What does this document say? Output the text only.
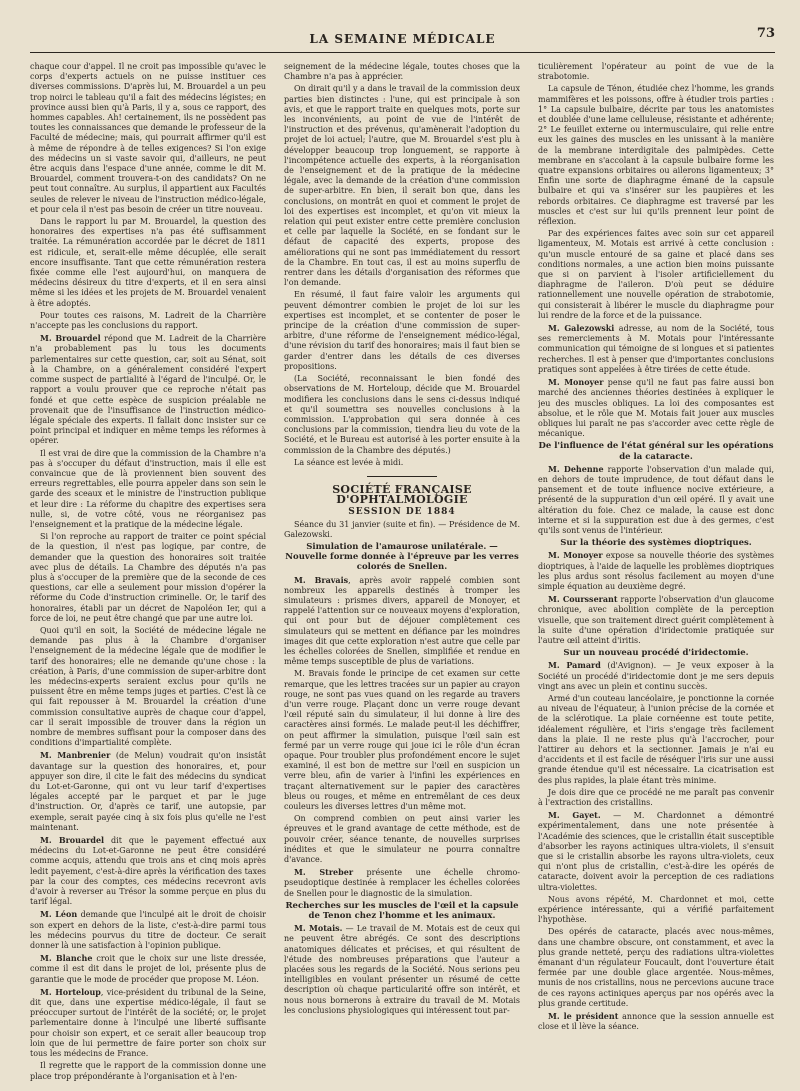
LA SEMAINE MÉDICALE	73

chaque cour d'appel. Il ne croit pas impossible qu'avec le corps d'experts actuels on ne puisse instituer ces diverses commissions. D'après lui, M. Brouardel a un peu trop noirci le tableau qu'il a fait des médecins légistes; en province aussi bien qu'à Paris, il y a, sous ce rapport, des hommes capables. Ah! certainement, ils ne possèdent pas toutes les connaissances que demande le professeur de la Faculté de médecine; mais, qui pourrait affirmer qu'il est à même de répondre à de telles exigences? Si l'on exige des médecins un si vaste savoir qui, d'ailleurs, ne peut être acquis dans l'espace d'une année, comme le dit M. Brouardel, comment trouvera-t-on des candidats? On ne peut tout connaître. Au surplus, il appartient aux Facultés seules de relever le niveau de l'instruction médico-légale, et pour cela il n'est pas besoin de créer un titre nouveau.

Dans le rapport lu par M. Brouardel, la question des honoraires des expertises n'a pas été suffisamment traitée. La rémunération accordée par le décret de 1811 est ridicule, et, serait-elle même décuplée, elle serait encore insuffisante. Tant que cette rémunération restera fixée comme elle l'est aujourd'hui, on manquera de médecins désireux du titre d'experts, et il en sera ainsi même si les idées et les projets de M. Brouardel venaient à être adoptés.

Pour toutes ces raisons, M. Ladreit de la Charrière n'accepte pas les conclusions du rapport.

M. Brouardel répond que M. Ladreit de la Charrière n'a probablement pas lu tous les documents parlementaires sur cette question, car, soit au Sénat, soit à la Chambre, on a généralement considéré l'expert comme suspect de partialité à l'égard de l'inculpé. Or, le rapport a voulu prouver que ce reproche n'était pas fondé et que cette espèce de suspicion préalable ne provenait que de l'insuffisance de l'instruction médico-légale spéciale des experts. Il fallait donc insister sur ce point principal et indiquer en même temps les réformes à opérer.

Il est vrai de dire que la commission de la Chambre n'a pas à s'occuper du défaut d'instruction, mais il elle est convaincue que de là proviennent bien souvent des erreurs regrettables, elle pourra appeler dans son sein le garde des sceaux et le ministre de l'instruction publique et leur dire : La réforme du chapitre des expertises sera nulle, si, de votre côté, vous ne réorganisez pas l'enseignement et la pratique de la médecine légale.

Si l'on reproche au rapport de traiter ce point spécial de la question, il n'est pas logique, par contre, de demander que la question des honoraires soit traitée avec plus de détails. La Chambre des députés n'a pas plus à s'occuper de la première que de la seconde de ces questions, car elle a seulement pour mission d'opérer la réforme du Code d'instruction criminelle. Or, le tarif des honoraires, établi par un décret de Napoléon Ier, qui a force de loi, ne peut être changé que par une autre loi.

Quoi qu'il en soit, la Société de médecine légale ne demande pas plus à la Chambre d'organiser l'enseignement de la médecine légale que de modifier le tarif des honoraires; elle ne demande qu'une chose : la création, à Paris, d'une commission de super-arbitre dont les médecins-experts seraient exclus pour qu'ils ne puissent être en même temps juges et parties. C'est là ce qui fait repousser à M. Brouardel la création d'une commission consultative auprès de chaque cour d'appel, car il serait impossible de trouver dans la région un nombre de membres suffisant pour la composer dans des conditions d'impartialité complète.

M. Manbrenier (de Melun) voudrait qu'on insistât davantage sur la question des honoraires, et, pour appuyer son dire, il cite le fait des médecins du syndicat du Lot-et-Garonne, qui ont vu leur tarif d'expertises légales accepté par le parquet et par le juge d'instruction. Or, d'après ce tarif, une autopsie, par exemple, serait payée cinq à six fois plus qu'elle ne l'est maintenant.

M. Brouardel dit que le payement effectué aux médecins du Lot-et-Garonne ne peut être considéré comme acquis, attendu que trois ans et cinq mois après ledit payement, c'est-à-dire après la vérification des taxes par la cour des comptes, ces médecins recevront avis d'avoir à reverser au Trésor la somme perçue en plus du tarif légal.

M. Léon demande que l'inculpé ait le droit de choisir son expert en dehors de la liste, c'est-à-dire parmi tous les médecins pourvus du titre de docteur. Ce serait donner là une satisfaction à l'opinion publique.

M. Blanche croit que le choix sur une liste dressée, comme il est dit dans le projet de loi, présente plus de garantie que le mode de procéder que propose M. Léon.

M. Horteloup, vice-président du tribunal de la Seine, dit que, dans une expertise médico-légale, il faut se préoccuper surtout de l'intérêt de la société; or, le projet parlementaire donne à l'inculpé une liberté suffisante pour choisir son expert, et ce serait aller beaucoup trop loin que de lui permettre de faire porter son choix sur tous les médecins de France.

Il regrette que le rapport de la commission donne une place trop prépondérante à l'organisation et à l'en-

seignement de la médecine légale, toutes choses que la Chambre n'a pas à apprécier.

On dirait qu'il y a dans le travail de la commission deux parties bien distinctes : l'une, qui est principale à son avis, et que le rapport traite en quelques mots, porte sur les inconvénients, au point de vue de l'intérêt de l'instruction et des prévenus, qu'amènerait l'adoption du projet de loi actuel; l'autre, que M. Brouardel s'est plu à développer beaucoup trop longuement, se rapporte à l'incompétence actuelle des experts, à la réorganisation de l'enseignement et de la pratique de la médecine légale, avec la demande de la création d'une commission de super-arbitre. En bien, il serait bon que, dans les conclusions, on montrât en quoi et comment le projet de loi des expertises est incomplet, et qu'on vit mieux la relation qui peut exister entre cette première conclusion et celle par laquelle la Société, en se fondant sur le défaut de capacité des experts, propose des améliorations qui ne sont pas immédiatement du ressort de la Chambre. En tout cas, il est au moins superflu de rentrer dans les détails d'organisation des réformes que l'on demande.

En résumé, il faut faire valoir les arguments qui peuvent démontrer combien le projet de loi sur les expertises est incomplet, et se contenter de poser le principe de la création d'une commission de super-arbitre, d'une réforme de l'enseignement médico-légal, d'une révision du tarif des honoraires; mais il faut bien se garder d'entrer dans les détails de ces diverses propositions.

(La Société, reconnaissant le bien fondé des observations de M. Horteloup, décide que M. Brouardel modifiera les conclusions dans le sens ci-dessus indiqué et qu'il soumettra ses nouvelles conclusions à la commission. L'approbation qui sera donnée à ces conclusions par la commission, tiendra lieu du vote de la Société, et le Bureau est autorisé à les porter ensuite à la commission de la Chambre des députés.)

La séance est levée à midi.

SOCIÉTÉ FRANÇAISE D'OPHTALMOLOGIE

SESSION DE 1884

Séance du 31 janvier (suite et fin). — Présidence de M. Galezowski.

Simulation de l'amaurose unilatérale. — Nouvelle forme donnée à l'épreuve par les verres colorés de Snellen.

M. Bravais, après avoir rappelé combien sont nombreux les appareils destinés à tromper les simulateurs : prismes divers, appareil de Monoyer, et rappelé l'attention sur ce nouveaux moyens d'exploration, qui ont pour but de déjouer complètement ces simulateurs qui se mettent en défiance par les moindres images dit que cette exploration n'est autre que celle par les échelles colorées de Snellen, simplifiée et rendue en même temps susceptible de plus de variations.

M. Bravais fonde le principe de cet examen sur cette remarque, que les lettres tracées sur un papier au crayon rouge, ne sont pas vues quand on les regarde au travers d'un verre rouge. Plaçant donc un verre rouge devant l'œil réputé sain du simulateur, il lui donne à lire des caractères ainsi formés. Le malade peut-il les déchiffrer, on peut affirmer la simulation, puisque l'œil sain est fermé par un verre rouge qui joue ici le rôle d'un écran opaque. Pour troubler plus profondément encore le sujet examiné, il est bon de mettre sur l'œil en suspicion un verre bleu, afin de varier à l'infini les expériences en traçant alternativement sur le papier des caractères bleus ou rouges, et même en entremêlant de ces deux couleurs les diverses lettres d'un même mot.

On comprend combien on peut ainsi varier les épreuves et le grand avantage de cette méthode, est de pouvoir créer, séance tenante, de nouvelles surprises inédites et que le simulateur ne pourra connaître d'avance.

M. Streber présente une échelle chromo-pseudoptique destinée à remplacer les échelles colorées de Snellen pour le diagnostic de la simulation.

Recherches sur les muscles de l'œil et la capsule de Tenon chez l'homme et les animaux.

M. Motais. — Le travail de M. Motais est de ceux qui ne peuvent être abrégés. Ce sont des descriptions anatomiques délicates et précises, et qui résultent de l'étude des nombreuses préparations que l'auteur a placées sous les regards de la Société. Nous serions peu intelligibles en voulant présenter un résumé de cette description où chaque particularité offre son intérêt, et nous nous bornerons à extraire du travail de M. Motais les conclusions physiologiques qui intéressent tout par-

ticulièrement l'opérateur au point de vue de la strabotomie.

La capsule de Ténon, étudiée chez l'homme, les grands mammifères et les poissons, offre à étudier trois parties : 1° La capsule bulbaire, décrite par tous les anatomistes et doublée d'une lame celluleuse, résistante et adhérente; 2° Le feuillet externe ou intermusculaire, qui relie entre eux les gaines des muscles en les unissant à la manière de la membrane interdigitale des palmipèdes. Cette membrane en s'accolant à la capsule bulbaire forme les quatre expansions orbitaires ou ailerons ligamenteux; 3° Enfin une sorte de diaphragme émané de la capsule bulbaire et qui va s'insérer sur les paupières et les rebords orbitaires. Ce diaphragme est traversé par les muscles et c'est sur lui qu'ils prennent leur point de réflexion.

Par des expériences faites avec soin sur cet appareil ligamenteux, M. Motais est arrivé à cette conclusion : qu'un muscle entouré de sa gaine et placé dans ses conditions normales, a une action bien moins puissante que si on parvient à l'isoler artificiellement du diaphragme de l'aileron. D'où peut se déduire rationnellement une nouvelle opération de strabotomie, qui consisterait à libérer le muscle du diaphragme pour lui rendre de la force et de la puissance.

M. Galezowski adresse, au nom de la Société, tous ses remerciements à M. Motais pour l'intéressante communication qui témoigne de si longues et si patientes recherches. Il est à penser que d'importantes conclusions pratiques sont appelées à être tirées de cette étude.

M. Monoyer pense qu'il ne faut pas faire aussi bon marché des anciennes théories destinées à expliquer le jeu des muscles obliques. La loi des composantes est absolue, et le rôle que M. Motais fait jouer aux muscles obliques lui paraît ne pas s'accorder avec cette règle de mécanique.

De l'influence de l'état général sur les opérations de la cataracte.

M. Dehenne rapporte l'observation d'un malade qui, en dehors de toute imprudence, de tout défaut dans le pansement et de toute influence nocive extérieure, a présenté de la suppuration d'un œil opéré. Il y avait une altération du foie. Chez ce malade, la cause est donc interne et si la suppuration est due à des germes, c'est qu'ils sont venus de l'intérieur.

Sur la théorie des systèmes dioptriques.

M. Monoyer expose sa nouvelle théorie des systèmes dioptriques, à l'aide de laquelle les problèmes dioptriques les plus ardus sont résolus facilement au moyen d'une simple équation au deuxième degré.

M. Coursserant rapporte l'observation d'un glaucome chronique, avec abolition complète de la perception visuelle, que son traitement direct guérit complètement à la suite d'une opération d'iridectomie pratiquée sur l'autre œil atteint d'iritis.

Sur un nouveau procédé d'iridectomie.

M. Pamard (d'Avignon). — Je veux exposer à la Société un procédé d'iridectomie dont je me sers depuis vingt ans avec un plein et continu succès.

Armé d'un couteau lancéolaire, je ponctionne la cornée au niveau de l'équateur, à l'union précise de la cornée et de la sclérotique. La plaie cornéenne est toute petite, idéalement régulière, et l'iris s'engage très facilement dans la plaie. Il ne reste plus qu'à l'accrocher, pour l'attirer au dehors et la sectionner. Jamais je n'ai eu d'accidents et il est facile de réséquer l'iris sur une aussi grande étendue qu'il est nécessaire. La cicatrisation est des plus rapides, la plaie étant très minime.

Je dois dire que ce procédé ne me paraît pas convenir à l'extraction des cristallins.

M. Gayet. — M. Chardonnet a démontré expérimentalement, dans une note présentée à l'Académie des sciences, que le cristallin était susceptible d'absorber les rayons actiniques ultra-violets, il s'ensuit que si le cristallin absorbe les rayons ultra-violets, ceux qui n'ont plus de cristallin, c'est-à-dire les opérés de cataracte, doivent avoir la perception de ces radiations ultra-violettes.

Nous avons répété, M. Chardonnet et moi, cette expérience intéressante, qui a vérifié parfaitement l'hypothèse.

Des opérés de cataracte, placés avec nous-mêmes, dans une chambre obscure, ont constamment, et avec la plus grande netteté, perçu des radiations ultra-violettes émanant d'un régulateur Foucault, dont l'ouverture était fermée par une double glace argentée. Nous-mêmes, munis de nos cristallins, nous ne percevions aucune trace de ces rayons actiniques aperçus par nos opérés avec la plus grande certitude.

M. le président annonce que la session annuelle est close et il lève la séance.
